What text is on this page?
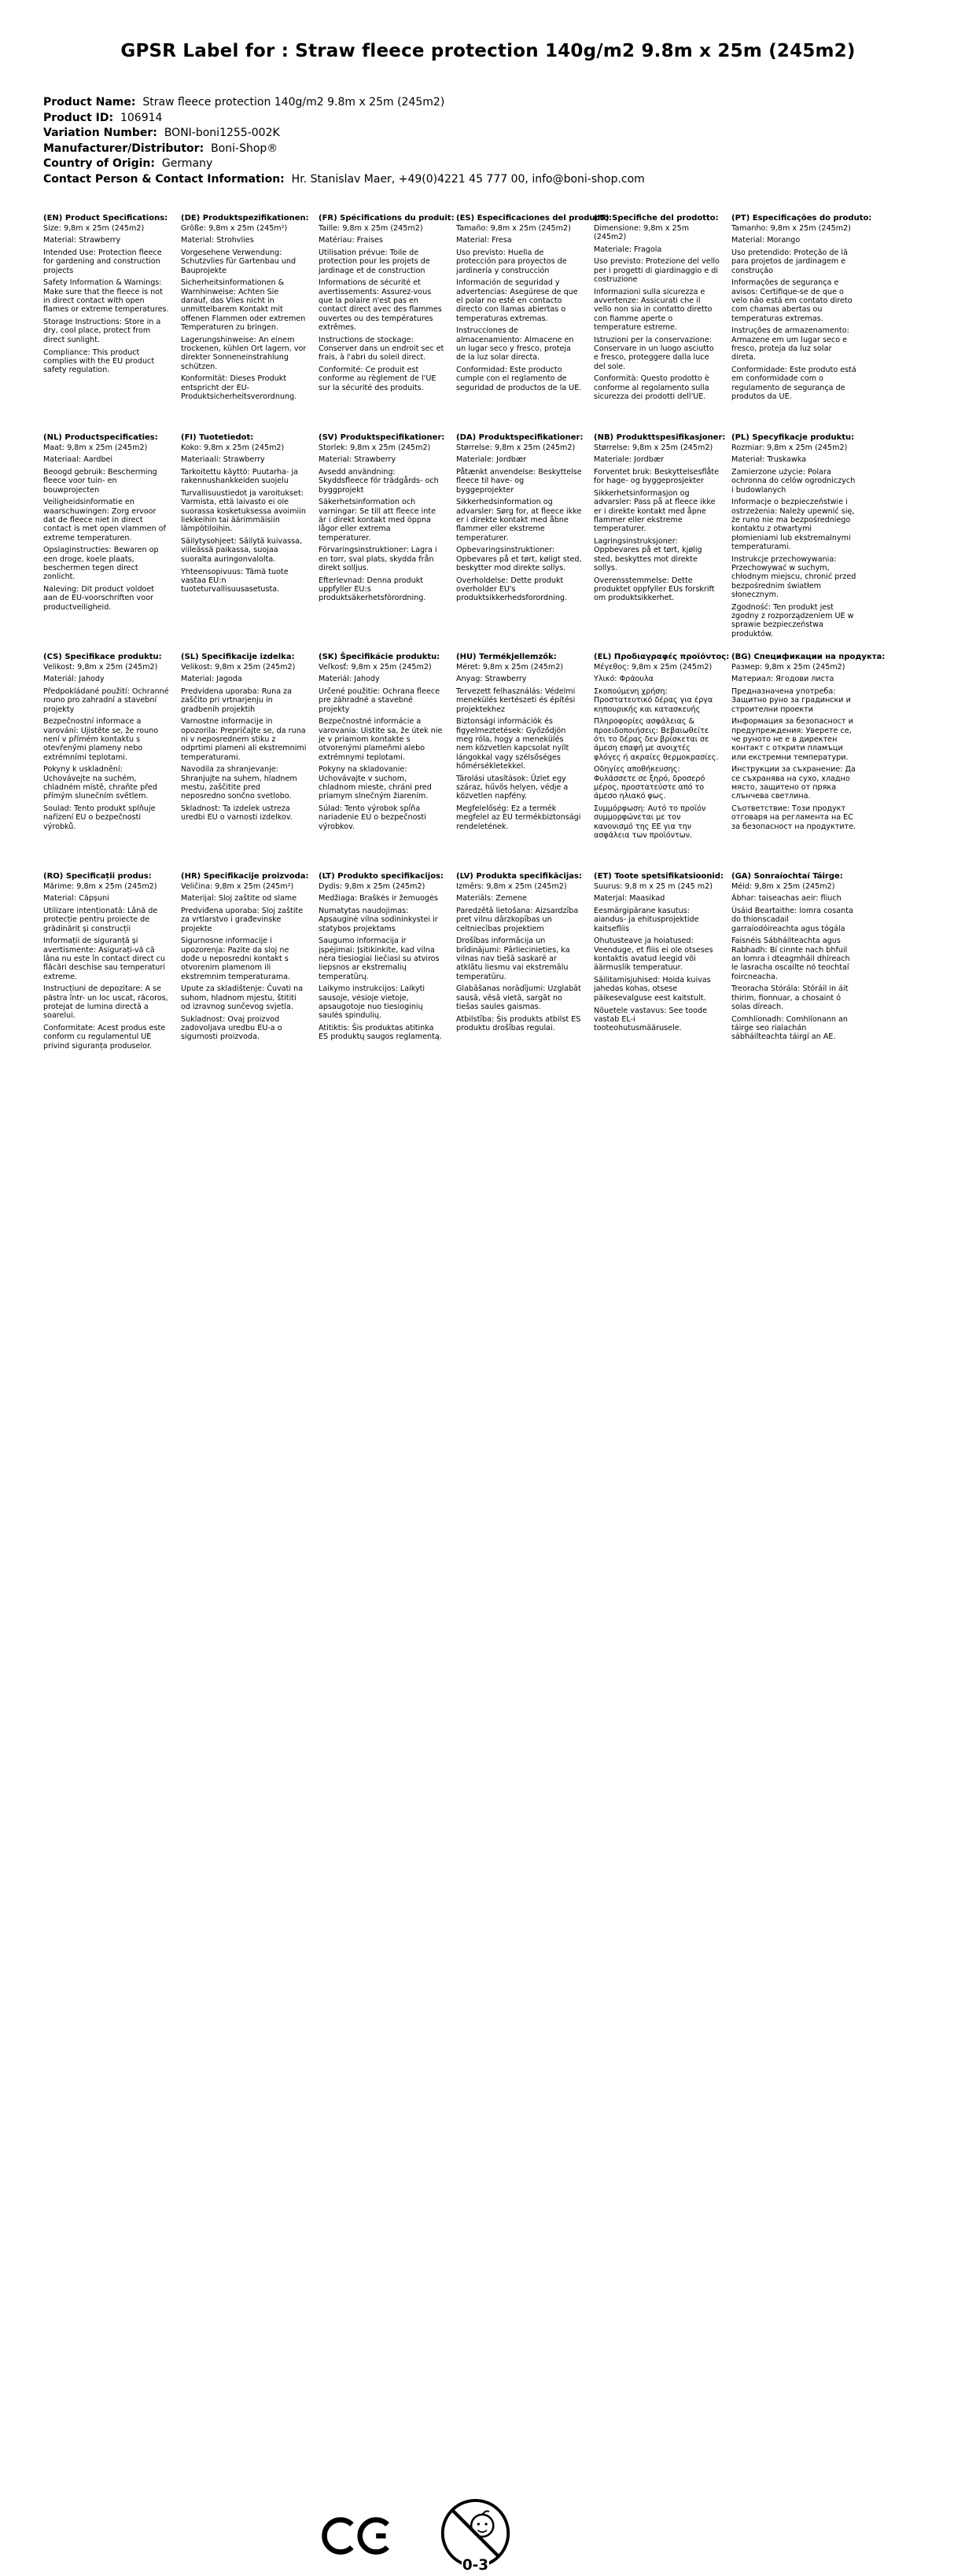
GPSR Label for : Straw fleece protection 140g/m2 9.8m x 25m (245m2)
Product Name: Straw fleece protection 140g/m2 9.8m x 25m (245m2)
Product ID: 106914
Variation Number: BONI-boni1255-002K
Manufacturer/Distributor: Boni-Shop®
Country of Origin: Germany
Contact Person & Contact Information: Hr. Stanislav Maer, +49(0)4221 45 777 00, info@boni-shop.com
(EN) Product Specifications:

Size: 9,8m x 25m (245m2)

Material: Strawberry

Intended Use: Protection fleece for gardening and construction projects

Safety Information & Warnings: Make sure that the fleece is not in direct contact with open flames or extreme temperatures.

Storage Instructions: Store in a dry, cool place, protect from direct sunlight.

Compliance: This product complies with the EU product safety regulation.

(DE) Produktspezifikationen:

Größe: 9,8m x 25m (245m²)

Material: Strohvlies

Vorgesehene Verwendung: Schutzvlies für Gartenbau und Bauprojekte

Sicherheitsinformationen & Warnhinweise: Achten Sie darauf, das Vlies nicht in unmittelbarem Kontakt mit offenen Flammen oder extremen Temperaturen zu bringen.

Lagerungshinweise: An einem trockenen, kühlen Ort lagern, vor direkter Sonneneinstrahlung schützen.

Konformität: Dieses Produkt entspricht der EU-Produktsicherheitsverordnung.

(FR) Spécifications du produit:

Taille: 9,8m x 25m (245m2)

Matériau: Fraises

Utilisation prévue: Toile de protection pour les projets de jardinage et de construction

Informations de sécurité et avertissements: Assurez-vous que la polaire n'est pas en contact direct avec des flammes ouvertes ou des températures extrêmes.

Instructions de stockage: Conserver dans un endroit sec et frais, à l'abri du soleil direct.

Conformité: Ce produit est conforme au règlement de l'UE sur la sécurité des produits.

(ES) Especificaciones del producto:

Tamaño: 9,8m x 25m (245m2)

Material: Fresa

Uso previsto: Huella de protección para proyectos de jardinería y construcción

Información de seguridad y advertencias: Asegúrese de que el polar no esté en contacto directo con llamas abiertas o temperaturas extremas.

Instrucciones de almacenamiento: Almacene en un lugar seco y fresco, proteja de la luz solar directa.

Conformidad: Este producto cumple con el reglamento de seguridad de productos de la UE.

(IT) Specifiche del prodotto:

Dimensione: 9,8m x 25m (245m2)

Materiale: Fragola

Uso previsto: Protezione del vello per i progetti di giardinaggio e di costruzione

Informazioni sulla sicurezza e avvertenze: Assicurati che il vello non sia in contatto diretto con fiamme aperte o temperature estreme.

Istruzioni per la conservazione: Conservare in un luogo asciutto e fresco, proteggere dalla luce del sole.

Conformità: Questo prodotto è conforme al regolamento sulla sicurezza dei prodotti dell'UE.

(PT) Especificações do produto:

Tamanho: 9,8m x 25m (245m2)

Material: Morango

Uso pretendido: Proteção de lã para projetos de jardinagem e construção

Informações de segurança e avisos: Certifique-se de que o velo não está em contato direto com chamas abertas ou temperaturas extremas.

Instruções de armazenamento: Armazene em um lugar seco e fresco, proteja da luz solar direta.

Conformidade: Este produto está em conformidade com o regulamento de segurança de produtos da UE.

(NL) Productspecificaties:

Maat: 9,8m x 25m (245m2)

Materiaal: Aardbei

Beoogd gebruik: Bescherming fleece voor tuin- en bouwprojecten

Veiligheidsinformatie en waarschuwingen: Zorg ervoor dat de fleece niet in direct contact is met open vlammen of extreme temperaturen.

Opslaginstructies: Bewaren op een droge, koele plaats, beschermen tegen direct zonlicht.

Naleving: Dit product voldoet aan de EU-voorschriften voor productveiligheid.

(FI) Tuotetiedot:

Koko: 9,8m x 25m (245m2)

Materiaali: Strawberry

Tarkoitettu käyttö: Puutarha- ja rakennushankkeiden suojelu

Turvallisuustiedot ja varoitukset: Varmista, että laivasto ei ole suorassa kosketuksessa avoimiin liekkeihin tai äärimmäisiin lämpötiloihin.

Säilytysohjeet: Säilytä kuivassa, viileässä paikassa, suojaa suoralta auringonvalolta.

Yhteensopivuus: Tämä tuote vastaa EU:n tuoteturvallisuusasetusta.

(SV) Produktspecifikationer:

Storlek: 9,8m x 25m (245m2)

Material: Strawberry

Avsedd användning: Skyddsfleece för trädgårds- och byggprojekt

Säkerhetsinformation och varningar: Se till att fleece inte är i direkt kontakt med öppna lågor eller extrema temperaturer.

Förvaringsinstruktioner: Lagra i en torr, sval plats, skydda från direkt solljus.

Efterlevnad: Denna produkt uppfyller EU:s produktsäkerhetsförordning.

(DA) Produktspecifikationer:

Størrelse: 9,8m x 25m (245m2)

Materiale: Jordbær

Påtænkt anvendelse: Beskyttelse fleece til have- og byggeprojekter

Sikkerhedsinformation og advarsler: Sørg for, at fleece ikke er i direkte kontakt med åbne flammer eller ekstreme temperaturer.

Opbevaringsinstruktioner: Opbevares på et tørt, køligt sted, beskytter mod direkte sollys.

Overholdelse: Dette produkt overholder EU's produktsikkerhedsforordning.

(NB) Produkttspesifikasjoner:

Størrelse: 9,8m x 25m (245m2)

Materiale: Jordbær

Forventet bruk: Beskyttelsesflåte for hage- og byggeprosjekter

Sikkerhetsinformasjon og advarsler: Pass på at fleece ikke er i direkte kontakt med åpne flammer eller ekstreme temperaturer.

Lagringsinstruksjoner: Oppbevares på et tørt, kjølig sted, beskyttes mot direkte sollys.

Overensstemmelse: Dette produktet oppfyller EUs forskrift om produktsikkerhet.

(PL) Specyfikacje produktu:

Rozmiar: 9,8m x 25m (245m2)

Materiał: Truskawka

Zamierzone użycie: Polara ochronna do celów ogrodniczych i budowlanych

Informacje o bezpieczeństwie i ostrzeżenia: Należy upewnić się, że runo nie ma bezpośredniego kontaktu z otwartymi płomieniami lub ekstremalnymi temperaturami.

Instrukcje przechowywania: Przechowywać w suchym, chłodnym miejscu, chronić przed bezpośrednim światłem słonecznym.

Zgodność: Ten produkt jest zgodny z rozporządzeniem UE w sprawie bezpieczeństwa produktów.

(CS) Specifikace produktu:

Velikost: 9,8m x 25m (245m2)

Materiál: Jahody

Předpokládané použití: Ochranné rouno pro zahradní a stavební projekty

Bezpečnostní informace a varování: Ujistěte se, že rouno není v přímém kontaktu s otevřenými plameny nebo extrémními teplotami.

Pokyny k uskladnění: Uchovávejte na suchém, chladném místě, chraňte před přímým slunečním světlem.

Soulad: Tento produkt splňuje nařízení EU o bezpečnosti výrobků.

(SL) Specifikacije izdelka:

Velikost: 9,8m x 25m (245m2)

Material: Jagoda

Predvidena uporaba: Runa za zaščito pri vrtnarjenju in gradbenih projektih

Varnostne informacije in opozorila: Prepričajte se, da runa ni v neposrednem stiku z odprtimi plameni ali ekstremnimi temperaturami.

Navodila za shranjevanje: Shranjujte na suhem, hladnem mestu, zaščitite pred neposredno sončno svetlobo.

Skladnost: Ta izdelek ustreza uredbi EU o varnosti izdelkov.

(SK) Špecifikácie produktu:

Veľkosť: 9,8m x 25m (245m2)

Materiál: Jahody

Určené použitie: Ochrana fleece pre záhradné a stavebné projekty

Bezpečnostné informácie a varovania: Uistite sa, že útek nie je v priamom kontakte s otvorenými plameňmi alebo extrémnymi teplotami.

Pokyny na skladovanie: Uchovávajte v suchom, chladnom mieste, chráni pred priamym slnečným žiarením.

Súlad: Tento výrobok spĺňa nariadenie EÚ o bezpečnosti výrobkov.

(HU) Termékjellemzők:

Méret: 9,8m x 25m (245m2)

Anyag: Strawberry

Tervezett felhasználás: Védelmi menekülés kertészeti és építési projektekhez

Biztonsági információk és figyelmeztetések: Győződjön meg róla, hogy a menekülés nem közvetlen kapcsolat nyílt lángokkal vagy szélsőséges hőmérsékletekkel.

Tárolási utasítások: Üzlet egy száraz, hűvös helyen, védje a közvetlen napfény.

Megfelelőség: Ez a termék megfelel az EU termékbiztonsági rendeletének.

(EL) Προδιαγραφές προϊόντος:

Μέγεθος: 9,8m x 25m (245m2)

Υλικό: Φράουλα

Σκοπούμενη χρήση: Προστατευτικό δέρας για έργα κηπουρικής και κατασκευής

Πληροφορίες ασφάλειας & προειδοποιήσεις: Βεβαιωθείτε ότι το δέρας δεν βρίσκεται σε άμεση επαφή με ανοιχτές φλόγες ή ακραίες θερμοκρασίες.

Οδηγίες αποθήκευσης: Φυλάσσετε σε ξηρό, δροσερό μέρος, προστατεύστε από το άμεσο ηλιακό φως.

Συμμόρφωση: Αυτό το προϊόν συμμορφώνεται με τον κανονισμό της ΕΕ για την ασφάλεια των προϊόντων.

(BG) Спецификации на продукта:

Размер: 9,8m x 25m (245m2)

Материал: Ягодови листа

Предназначена употреба: Защитно руно за градински и строителни проекти

Информация за безопасност и предупреждения: Уверете се, че руното не е в директен контакт с открити пламъци или екстремни температури.

Инструкции за съхранение: Да се съхранява на сухо, хладно място, защитено от пряка слънчева светлина.

Съответствие: Този продукт отговаря на регламента на ЕС за безопасност на продуктите.

(RO) Specificații produs:

Mărime: 9,8m x 25m (245m2)

Material: Căpșuni

Utilizare intenționată: Lână de protecție pentru proiecte de grădinărit și construcții

Informații de siguranță și avertismente: Asigurați-vă că lâna nu este în contact direct cu flăcări deschise sau temperaturi extreme.

Instrucțiuni de depozitare: A se păstra într- un loc uscat, răcoros, protejat de lumina directă a soarelui.

Conformitate: Acest produs este conform cu regulamentul UE privind siguranța produselor.

(HR) Specifikacije proizvoda:

Veličina: 9,8m x 25m (245m²)

Materijal: Sloj zaštite od slame

Predviđena uporaba: Sloj zaštite za vrtlarstvo i građevinske projekte

Sigurnosne informacije i upozorenja: Pazite da sloj ne dođe u neposredni kontakt s otvorenim plamenom ili ekstremnim temperaturama.

Upute za skladištenje: Čuvati na suhom, hladnom mjestu, štititi od izravnog sunčevog svjetla.

Sukladnost: Ovaj proizvod zadovoljava uredbu EU-a o sigurnosti proizvoda.

(LT) Produkto specifikacijos:

Dydis: 9,8m x 25m (245m2)

Medžiaga: Braškės ir žemuogės

Numatytas naudojimas: Apsauginė vilna sodininkystei ir statybos projektams

Saugumo informacija ir įspėjimai: Įsitikinkite, kad vilna nėra tiesiogiai liečiasi su atviros liepsnos ar ekstremalių temperatūrų.

Laikymo instrukcijos: Laikyti sausoje, vėsioje vietoje, apsaugotoje nuo tiesioginių saulės spindulių.

Atitiktis: Šis produktas atitinka ES produktų saugos reglamentą.

(LV) Produkta specifikācijas:

Izmērs: 9,8m x 25m (245m2)

Materiāls: Zemene

Paredzētā lietošana: Aizsardzība pret vilnu dārzkopības un celtniecības projektiem

Drošības informācija un brīdinājumi: Pārliecinieties, ka vilnas nav tiešā saskarē ar atklātu liesmu vai ekstremālu temperatūru.

Glabāšanas norādījumi: Uzglabāt sausā, vēsā vietā, sargāt no tiešas saules gaismas.

Atbilstība: Šis produkts atbilst ES produktu drošības regulai.

(ET) Toote spetsifikatsioonid:

Suurus: 9,8 m x 25 m (245 m2)

Materjal: Maasikad

Eesmärgipärane kasutus: aiandus- ja ehitusprojektide kaitsefliis

Ohutusteave ja hoiatused: Veenduge, et fliis ei ole otseses kontaktis avatud leegid või äärmuslik temperatuur.

Säilitamisjuhised: Hoida kuivas jahedas kohas, otsese päikesevalguse eest kaitstult.

Nõuetele vastavus: See toode vastab EL-i tooteohutusmäärusele.

(GA) Sonraíochtaí Táirge:

Méid: 9,8m x 25m (245m2)

Ábhar: taiseachas aeir: fliuch

Úsáid Beartaithe: lomra cosanta do thionscadail garraíodóireachta agus tógála

Faisnéis Sábháilteachta agus Rabhadh: Bí cinnte nach bhfuil an lomra i dteagmháil dhíreach le lasracha oscailte nó teochtaí foircneacha.

Treoracha Stórála: Stóráil in áit thirim, fionnuar, a chosaint ó solas díreach.

Comhlíonadh: Comhlíonann an táirge seo rialachán sábháilteachta táirgí an AE.

0-3
